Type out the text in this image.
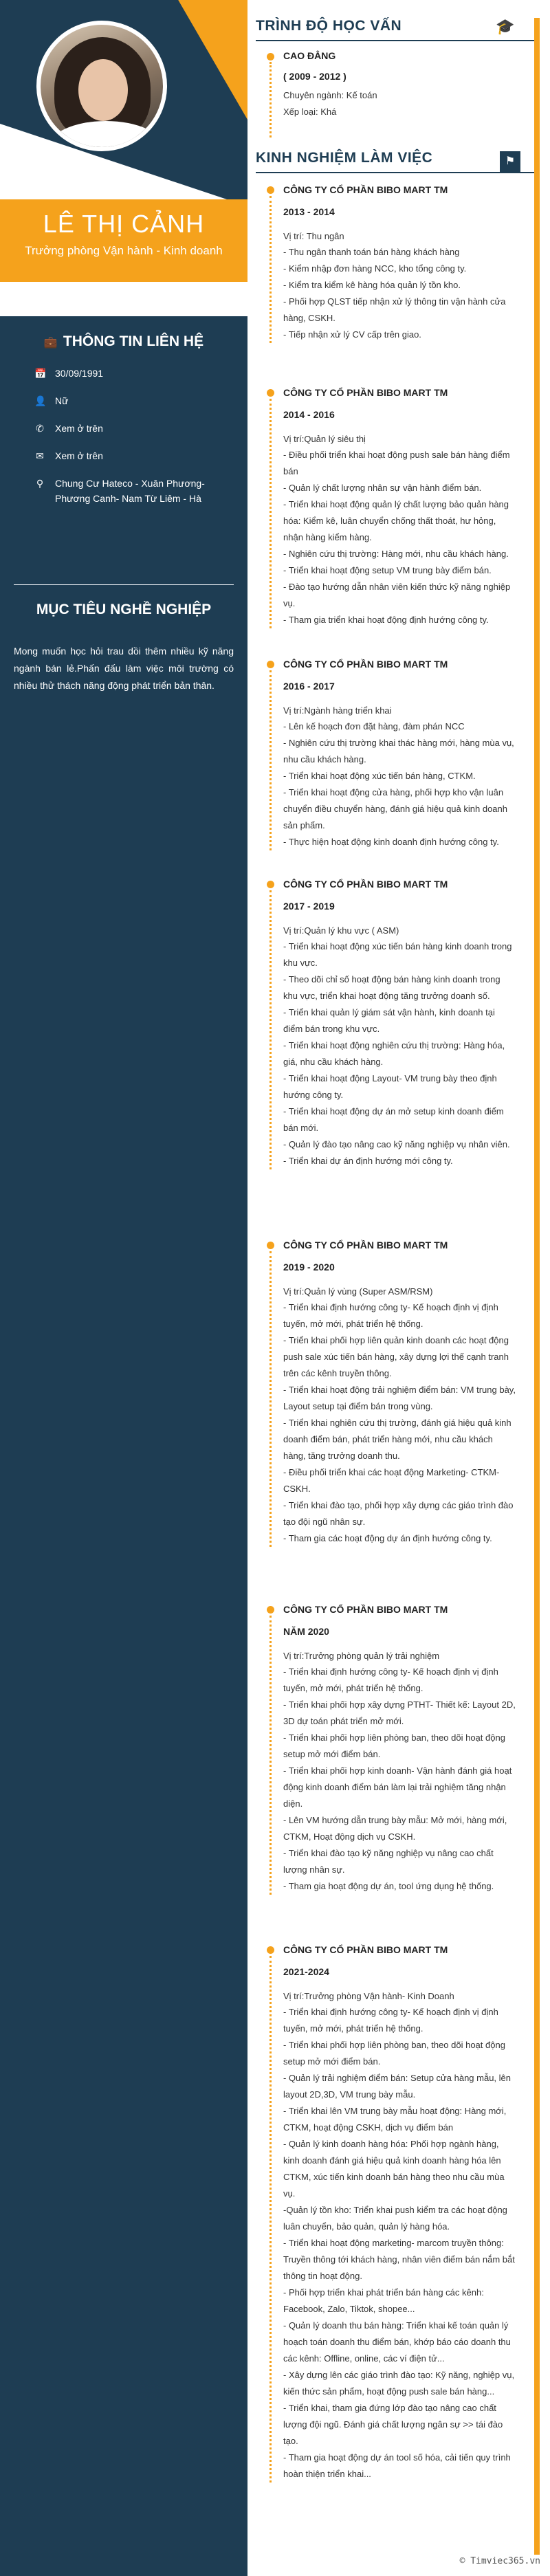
LÊ THỊ CẢNH
Trưởng phòng Vận hành - Kinh doanh
💼 THÔNG TIN LIÊN HỆ
📅 30/09/1991
👤 Nữ
✆ Xem ở trên
✉ Xem ở trên
⚲ Chung Cư Hateco - Xuân Phương- Phương Canh- Nam Từ Liêm - Hà
MỤC TIÊU NGHỀ NGHIỆP
Mong muốn học hỏi trau dồi thêm nhiều kỹ năng ngành bán lẻ.Phấn đấu làm việc môi trường có nhiều thử thách năng động phát triển bản thân.
TRÌNH ĐỘ HỌC VẤN	🎓
CAO ĐẲNG
( 2009 - 2012 )
Chuyên ngành: Kế toán
Xếp loại: Khá
KINH NGHIỆM LÀM VIỆC	⚑
CÔNG TY CỔ PHẦN BIBO MART TM
2013 - 2014
Vị trí: Thu ngân
- Thu ngân thanh toán bán hàng khách hàng
- Kiểm nhập đơn hàng NCC, kho tổng công ty.
- Kiểm tra kiểm kê hàng hóa quản lý tồn kho.
- Phối hợp QLST tiếp nhận xử lý thông tin vận hành cửa hàng, CSKH.
- Tiếp nhận xử lý CV cấp trên giao.
CÔNG TY CỔ PHẦN BIBO MART TM
2014 - 2016
Vị trí:Quản lý siêu thị
- Điều phối triển khai hoạt động push sale bán hàng điểm bán
- Quản lý chất lượng nhân sự vận hành điểm bán.
- Triển khai hoạt động quản lý chất lượng bảo quản hàng hóa: Kiểm kê, luân chuyển chống thất thoát, hư hỏng, nhận hàng kiểm hàng.
- Nghiên cứu thị trường: Hàng mới, nhu cầu khách hàng.
- Triển khai hoạt động setup VM trung bày điểm bán.
- Đào tạo hướng dẫn nhân viên kiến thức kỹ năng nghiệp vụ.
- Tham gia triển khai hoạt động định hướng công ty.
CÔNG TY CỔ PHẦN BIBO MART TM
2016 - 2017
Vị trí:Ngành hàng triển khai
- Lên kế hoạch đơn đặt hàng, đàm phán NCC
- Nghiên cứu thị trường khai thác hàng mới, hàng mùa vụ, nhu cầu khách hàng.
- Triển khai hoạt động xúc tiến bán hàng, CTKM.
- Triển khai hoạt động cửa hàng, phối hợp kho vận luân chuyển điều chuyển hàng, đánh giá hiệu quả kinh doanh sản phẩm.
- Thực hiện hoạt động kinh doanh định hướng công ty.
CÔNG TY CỔ PHẦN BIBO MART TM
2017 - 2019
Vị trí:Quản lý khu vực ( ASM)
- Triển khai hoạt động xúc tiến bán hàng kinh doanh trong khu vực.
- Theo dõi chỉ số hoạt động bán hàng kinh doanh trong khu vực, triển khai hoạt động tăng trưởng doanh số.
- Triển khai quản lý giám sát vận hành, kinh doanh tại điểm bán trong khu vực.
- Triển khai hoạt động nghiên cứu thị trường: Hàng hóa, giá, nhu cầu khách hàng.
- Triển khai hoạt động Layout- VM trung bày theo định hướng công ty.
- Triển khai hoạt động dự án mở setup kinh doanh điểm bán mới.
- Quản lý đào tạo nâng cao kỹ năng nghiệp vụ nhân viên.
- Triển khai dự án định hướng mới công ty.
CÔNG TY CỔ PHẦN BIBO MART TM
2019 - 2020
Vị trí:Quản lý vùng (Super ASM/RSM)
- Triển khai định hướng công ty- Kế hoạch định vị định tuyến, mở mới, phát triển hệ thống.
- Triển khai phối hợp liên quản kinh doanh các hoạt động push sale xúc tiến bán hàng, xây dựng lợi thế cạnh tranh trên các kênh truyền thông.
- Triển khai hoạt động trải nghiệm điểm bán: VM trung bày, Layout setup tại điểm bán trong vùng.
- Triển khai nghiên cứu thị trường, đánh giá hiệu quả kinh doanh điểm bán, phát triển hàng mới, nhu cầu khách hàng, tăng trưởng doanh thu.
- Điều phối triển khai các hoạt động Marketing- CTKM- CSKH.
- Triển khai đào tạo, phối hợp xây dựng các giáo trình đào tạo đội ngũ nhân sự.
- Tham gia các hoạt động dự án định hướng công ty.
CÔNG TY CỔ PHẦN BIBO MART TM
NĂM 2020
Vị trí:Trưởng phòng quản lý trải nghiệm
- Triển khai định hướng công ty- Kế hoạch định vị định tuyến, mở mới, phát triển hệ thống.
- Triển khai phối hợp xây dựng PTHT- Thiết kế: Layout 2D, 3D dự toán phát triển mở mới.
- Triển khai phối hợp liên phòng ban, theo dõi hoạt động setup mở mới điểm bán.
- Triển khai phối hợp kinh doanh- Vận hành đánh giá hoạt động kinh doanh điểm bán làm lại trải nghiệm tăng nhận diện.
- Lên VM hướng dẫn trung bày mẫu: Mở mới, hàng mới, CTKM, Hoạt động dịch vụ CSKH.
- Triển khai đào tạo kỹ năng nghiệp vụ nâng cao chất lượng nhân sự.
- Tham gia hoạt động dự án, tool ứng dụng hệ thống.
CÔNG TY CỔ PHẦN BIBO MART TM
2021-2024
Vị trí:Trưởng phòng Vận hành- Kinh Doanh
- Triển khai định hướng công ty- Kế hoạch định vị định tuyến, mở mới, phát triển hệ thống.
- Triển khai phối hợp liên phòng ban, theo dõi hoạt động setup mở mới điểm bán.
- Quản lý trải nghiệm điểm bán: Setup cửa hàng mẫu, lên layout 2D,3D, VM trung bày mẫu.
- Triển khai lên VM trung bày mẫu hoạt động: Hàng mới, CTKM, hoạt động CSKH, dịch vụ điểm bán
- Quản lý kinh doanh hàng hóa: Phối hợp ngành hàng, kinh doanh đánh giá hiệu quả kinh doanh hàng hóa lên CTKM, xúc tiến kinh doanh bán hàng theo nhu cầu mùa vụ.
-Quản lý tồn kho: Triển khai push kiểm tra các hoạt động luân chuyển, bảo quản, quản lý hàng hóa.
- Triển khai hoạt động marketing- marcom truyền thông: Truyền thông tới khách hàng, nhân viên điểm bán nắm bắt thông tin hoạt động.
- Phối hợp triển khai phát triển bán hàng các kênh: Facebook, Zalo, Tiktok, shopee...
- Quản lý doanh thu bán hàng: Triển khai kế toán quản lý hoạch toán doanh thu điểm bán, khớp báo cáo doanh thu các kênh: Offline, online, các ví điện tử...
- Xây dựng lên các giáo trình đào tạo: Kỹ năng, nghiệp vụ, kiến thức sản phẩm, hoạt động push sale bán hàng...
- Triển khai, tham gia đứng lớp đào tạo nâng cao chất lượng đội ngũ. Đánh giá chất lượng ngân sự >> tái đào tạo.
- Tham gia hoạt động dự án tool số hóa, cải tiến quy trình hoàn thiện triển khai...
© Timviec365.vn
